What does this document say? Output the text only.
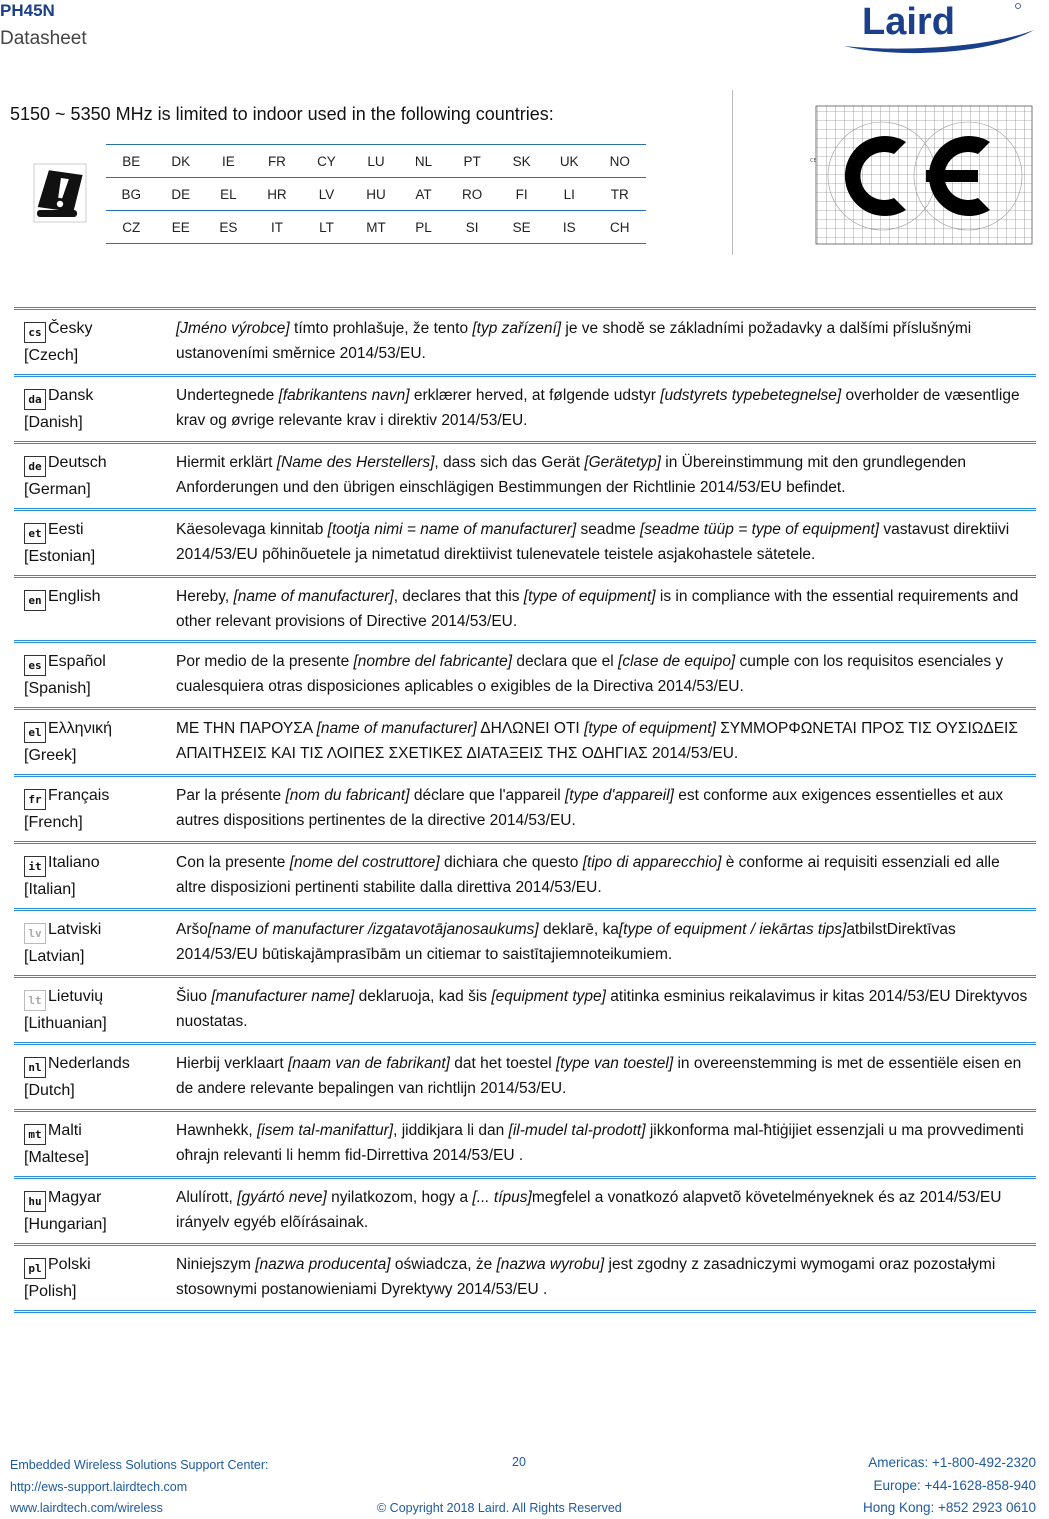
PH45N
Datasheet	Laird
5150 ~ 5350 MHz is limited to indoor used in the following countries:
BE	DK	IE	FR	CY	LU	NL	PT	SK	UK	NO
BG	DE	EL	HR	LV	HU	AT	RO	FI	LI	TR
CZ	EE	ES	IT	LT	MT	PL	SI	SE	IS	CH
CE
cs Česky
[Czech]	[Jméno výrobce] tímto prohlašuje, že tento [typ zařízení] je ve shodě se základními požadavky a dalšími příslušnými ustanoveními směrnice 2014/53/EU.
da Dansk
[Danish]	Undertegnede [fabrikantens navn] erklærer herved, at følgende udstyr [udstyrets typebetegnelse] overholder de væsentlige krav og øvrige relevante krav i direktiv 2014/53/EU.
de Deutsch
[German]	Hiermit erklärt [Name des Herstellers], dass sich das Gerät [Gerätetyp] in Übereinstimmung mit den grundlegenden Anforderungen und den übrigen einschlägigen Bestimmungen der Richtlinie 2014/53/EU befindet.
et Eesti
[Estonian]	Käesolevaga kinnitab [tootja nimi = name of manufacturer] seadme [seadme tüüp = type of equipment] vastavust direktiivi 2014/53/EU põhinõuetele ja nimetatud direktiivist tulenevatele teistele asjakohastele sätetele.
en English	Hereby, [name of manufacturer], declares that this [type of equipment] is in compliance with the essential requirements and other relevant provisions of Directive 2014/53/EU.
es Español
[Spanish]	Por medio de la presente [nombre del fabricante] declara que el [clase de equipo] cumple con los requisitos esenciales y cualesquiera otras disposiciones aplicables o exigibles de la Directiva 2014/53/EU.
el Ελληνική
[Greek]	ΜΕ ΤΗΝ ΠΑΡΟΥΣΑ [name of manufacturer] ΔΗΛΩΝΕΙ ΟΤΙ [type of equipment] ΣΥΜΜΟΡΦΩΝΕΤΑΙ ΠΡΟΣ ΤΙΣ ΟΥΣΙΩΔΕΙΣ ΑΠΑΙΤΗΣΕΙΣ ΚΑΙ ΤΙΣ ΛΟΙΠΕΣ ΣΧΕΤΙΚΕΣ ΔΙΑΤΑΞΕΙΣ ΤΗΣ ΟΔΗΓΙΑΣ 2014/53/EU.
fr Français
[French]	Par la présente [nom du fabricant] déclare que l'appareil [type d'appareil] est conforme aux exigences essentielles et aux autres dispositions pertinentes de la directive 2014/53/EU.
it Italiano
[Italian]	Con la presente [nome del costruttore] dichiara che questo [tipo di apparecchio] è conforme ai requisiti essenziali ed alle altre disposizioni pertinenti stabilite dalla direttiva 2014/53/EU.
lv Latviski
[Latvian]	Aršo[name of manufacturer /izgatavotājanosaukums] deklarē, ka[type of equipment / iekārtas tips]atbilstDirektīvas 2014/53/EU būtiskajāmprasībām un citiemar to saistītajiemnoteikumiem.
lt Lietuvių
[Lithuanian]	Šiuo [manufacturer name] deklaruoja, kad šis [equipment type] atitinka esminius reikalavimus ir kitas 2014/53/EU Direktyvos nuostatas.
nl Nederlands
[Dutch]	Hierbij verklaart [naam van de fabrikant] dat het toestel [type van toestel] in overeenstemming is met de essentiële eisen en de andere relevante bepalingen van richtlijn 2014/53/EU.
mt Malti
[Maltese]	Hawnhekk, [isem tal-manifattur], jiddikjara li dan [il-mudel tal-prodott] jikkonforma mal-ħtiġijiet essenzjali u ma provvedimenti oħrajn relevanti li hemm fid-Dirrettiva 2014/53/EU .
hu Magyar
[Hungarian]	Alulírott, [gyártó neve] nyilatkozom, hogy a [... típus]megfelel a vonatkozó alapvetõ követelményeknek és az 2014/53/EU irányelv egyéb elõírásainak.
pl Polski
[Polish]	Niniejszym [nazwa producenta] oświadcza, że [nazwa wyrobu] jest zgodny z zasadniczymi wymogami oraz pozostałymi stosownymi postanowieniami Dyrektywy 2014/53/EU .
Embedded Wireless Solutions Support Center:
http://ews-support.lairdtech.com
www.lairdtech.com/wireless
20
© Copyright 2018 Laird. All Rights Reserved
Americas: +1-800-492-2320
Europe: +44-1628-858-940
Hong Kong: +852 2923 0610
